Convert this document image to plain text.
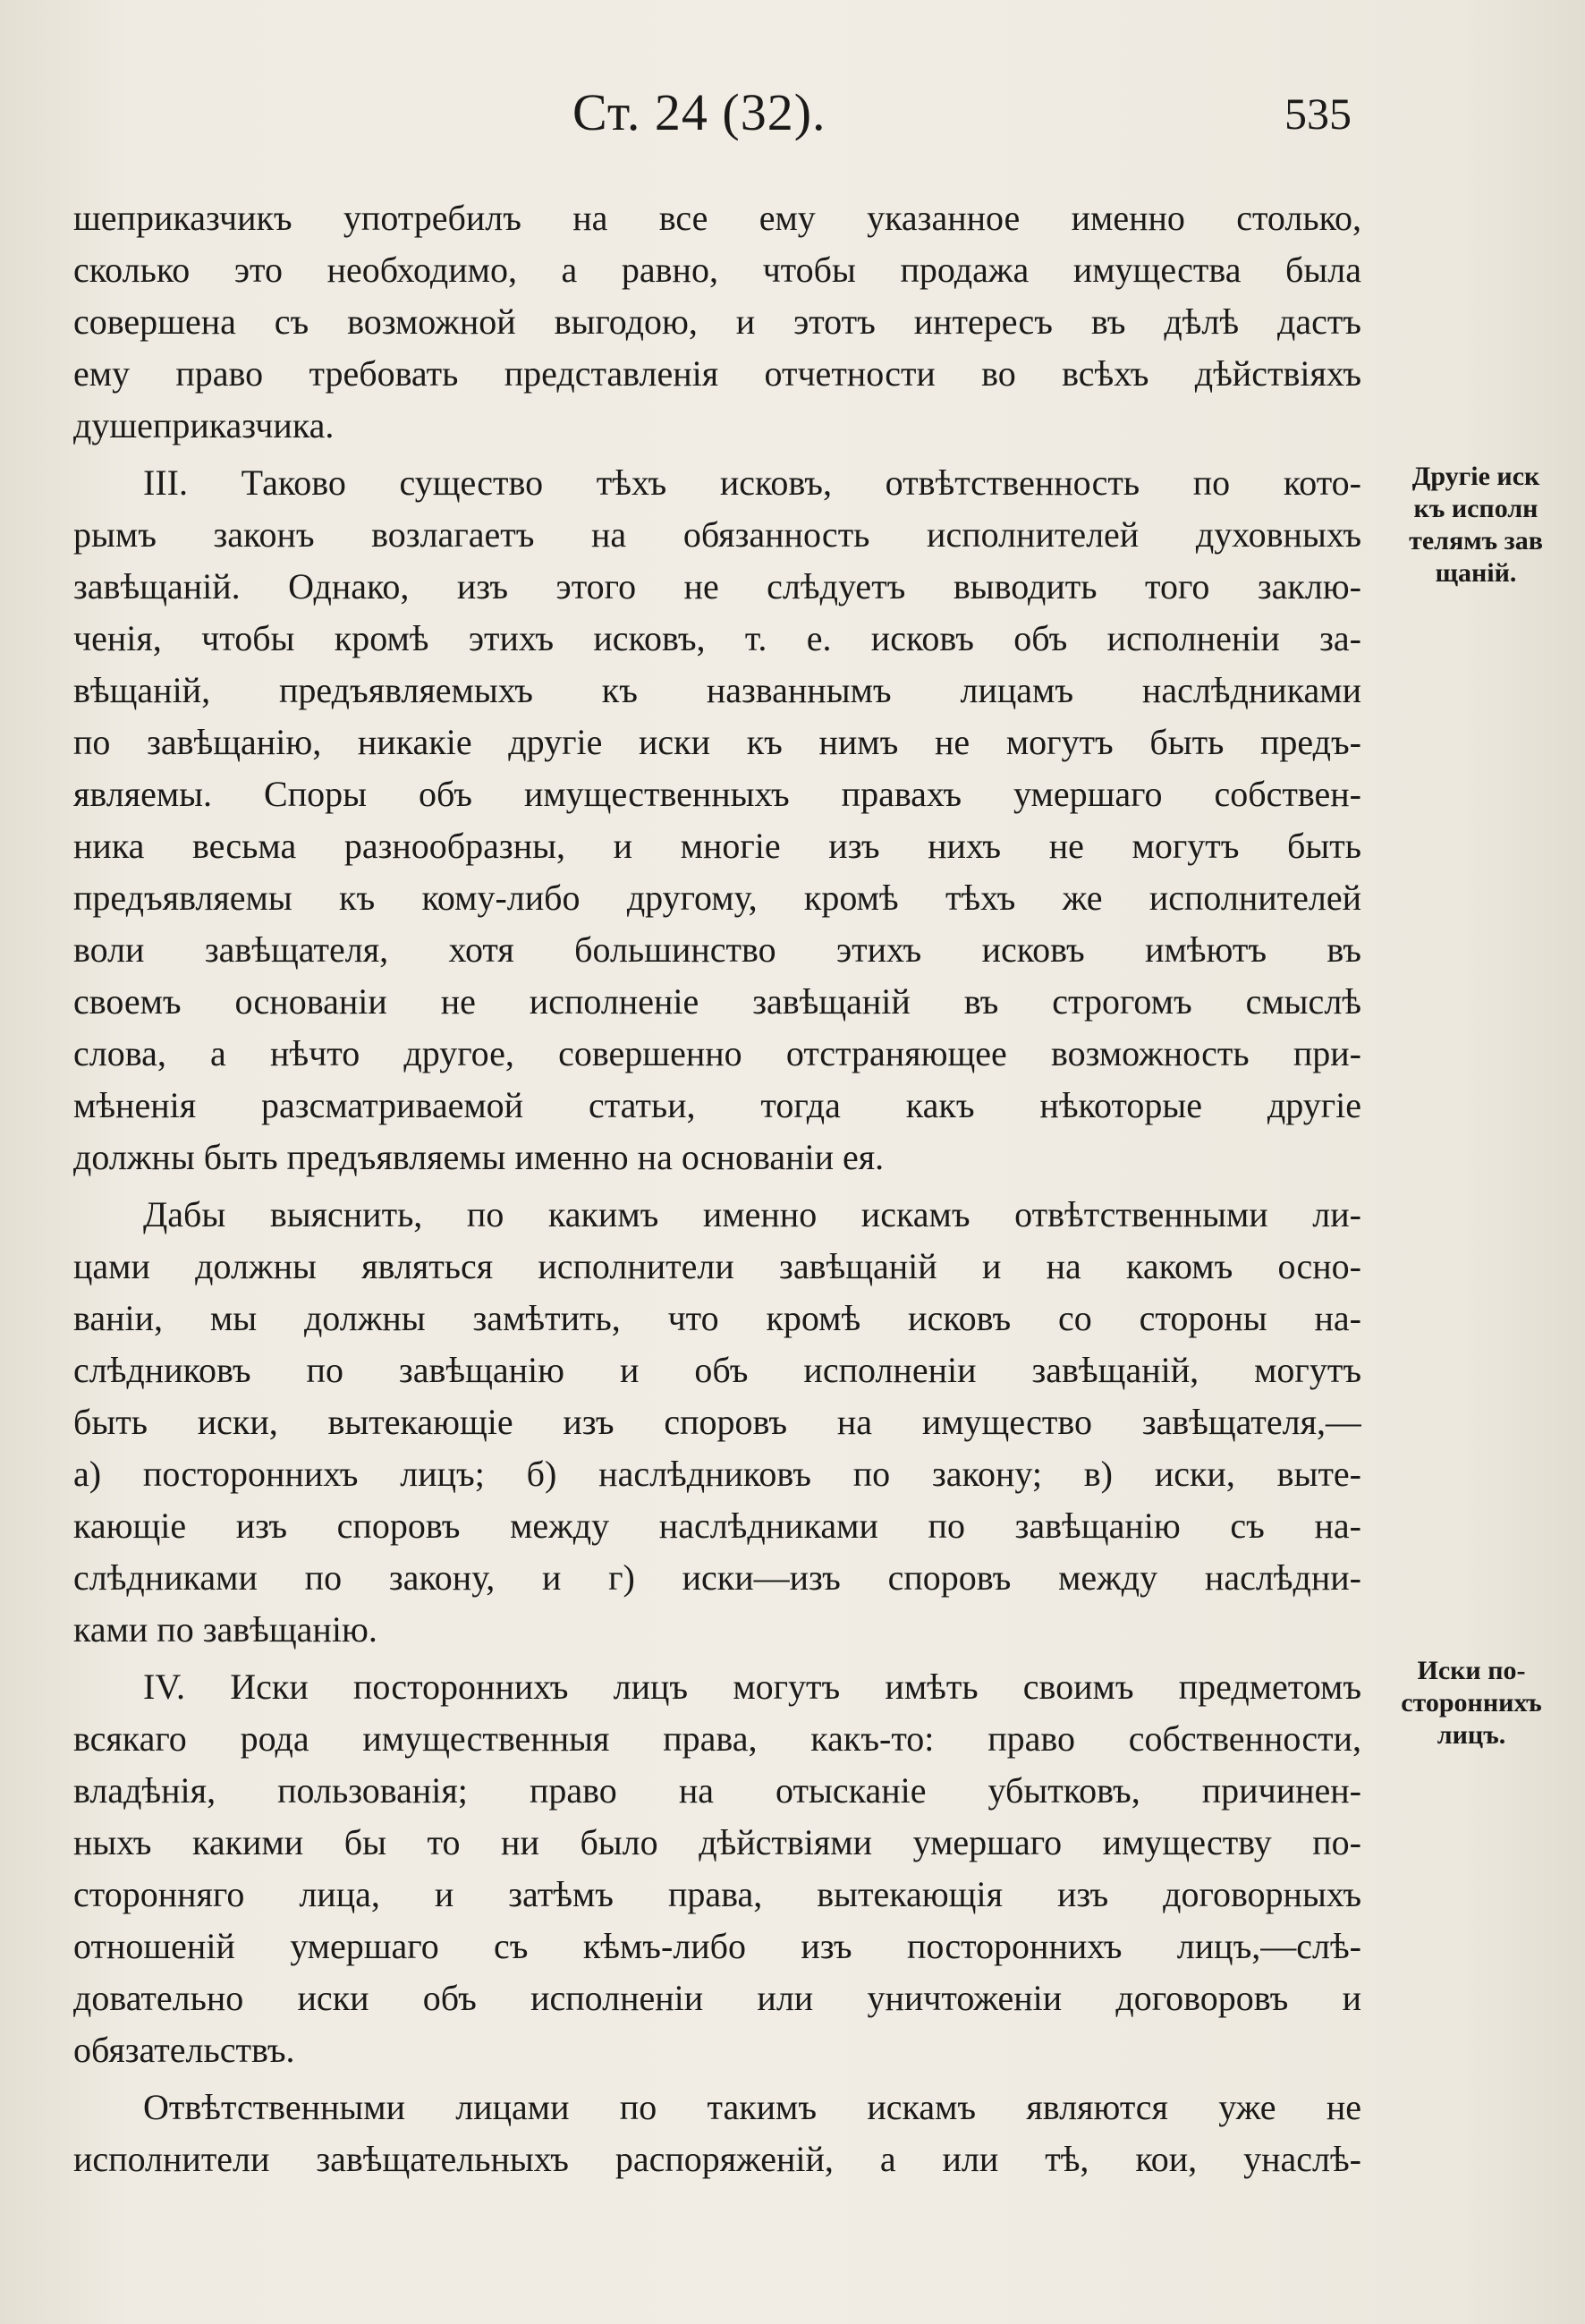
Ст. 24 (32).	535
шеприказчикъ употребилъ на все ему указанное именно столько,
сколько это необходимо, а равно, чтобы продажа имущества была
совершена съ возможной выгодою, и этотъ интересъ въ дѣлѣ дастъ
ему право требовать представленія отчетности во всѣхъ дѣйствіяхъ
душеприказчика.
III. Таково существо тѣхъ исковъ, отвѣтственность по кото-
рымъ законъ возлагаетъ на обязанность исполнителей духовныхъ
завѣщаній. Однако, изъ этого не слѣдуетъ выводить того заклю-
ченія, чтобы кромѣ этихъ исковъ, т. е. исковъ объ исполненіи за-
вѣщаній, предъявляемыхъ къ названнымъ лицамъ наслѣдниками
по завѣщанію, никакіе другіе иски къ нимъ не могутъ быть предъ-
являемы. Споры объ имущественныхъ правахъ умершаго собствен-
ника весьма разнообразны, и многіе изъ нихъ не могутъ быть
предъявляемы къ кому-либо другому, кромѣ тѣхъ же исполнителей
воли завѣщателя, хотя большинство этихъ исковъ имѣютъ въ
своемъ основаніи не исполненіе завѣщаній въ строгомъ смыслѣ
слова, а нѣчто другое, совершенно отстраняющее возможность при-
мѣненія разсматриваемой статьи, тогда какъ нѣкоторые другіе
должны быть предъявляемы именно на основаніи ея.
Дабы выяснить, по какимъ именно искамъ отвѣтственными ли-
цами должны являться исполнители завѣщаній и на какомъ осно-
ваніи, мы должны замѣтить, что кромѣ исковъ со стороны на-
слѣдниковъ по завѣщанію и объ исполненіи завѣщаній, могутъ
быть иски, вытекающіе изъ споровъ на имущество завѣщателя,—
а) постороннихъ лицъ; б) наслѣдниковъ по закону; в) иски, выте-
кающіе изъ споровъ между наслѣдниками по завѣщанію съ на-
слѣдниками по закону, и г) иски—изъ споровъ между наслѣдни-
ками по завѣщанію.
IV. Иски постороннихъ лицъ могутъ имѣть своимъ предметомъ
всякаго рода имущественныя права, какъ-то: право собственности,
владѣнія, пользованія; право на отысканіе убытковъ, причинен-
ныхъ какими бы то ни было дѣйствіями умершаго имуществу по-
сторонняго лица, и затѣмъ права, вытекающія изъ договорныхъ
отношеній умершаго съ кѣмъ-либо изъ постороннихъ лицъ,—слѣ-
довательно иски объ исполненіи или уничтоженіи договоровъ и
обязательствъ.
Отвѣтственными лицами по такимъ искамъ являются уже не
исполнители завѣщательныхъ распоряженій, а или тѣ, кои, унаслѣ-
Другіе иск
къ исполн
телямъ зав
щаній.
Иски по-
стороннихъ
лицъ.
